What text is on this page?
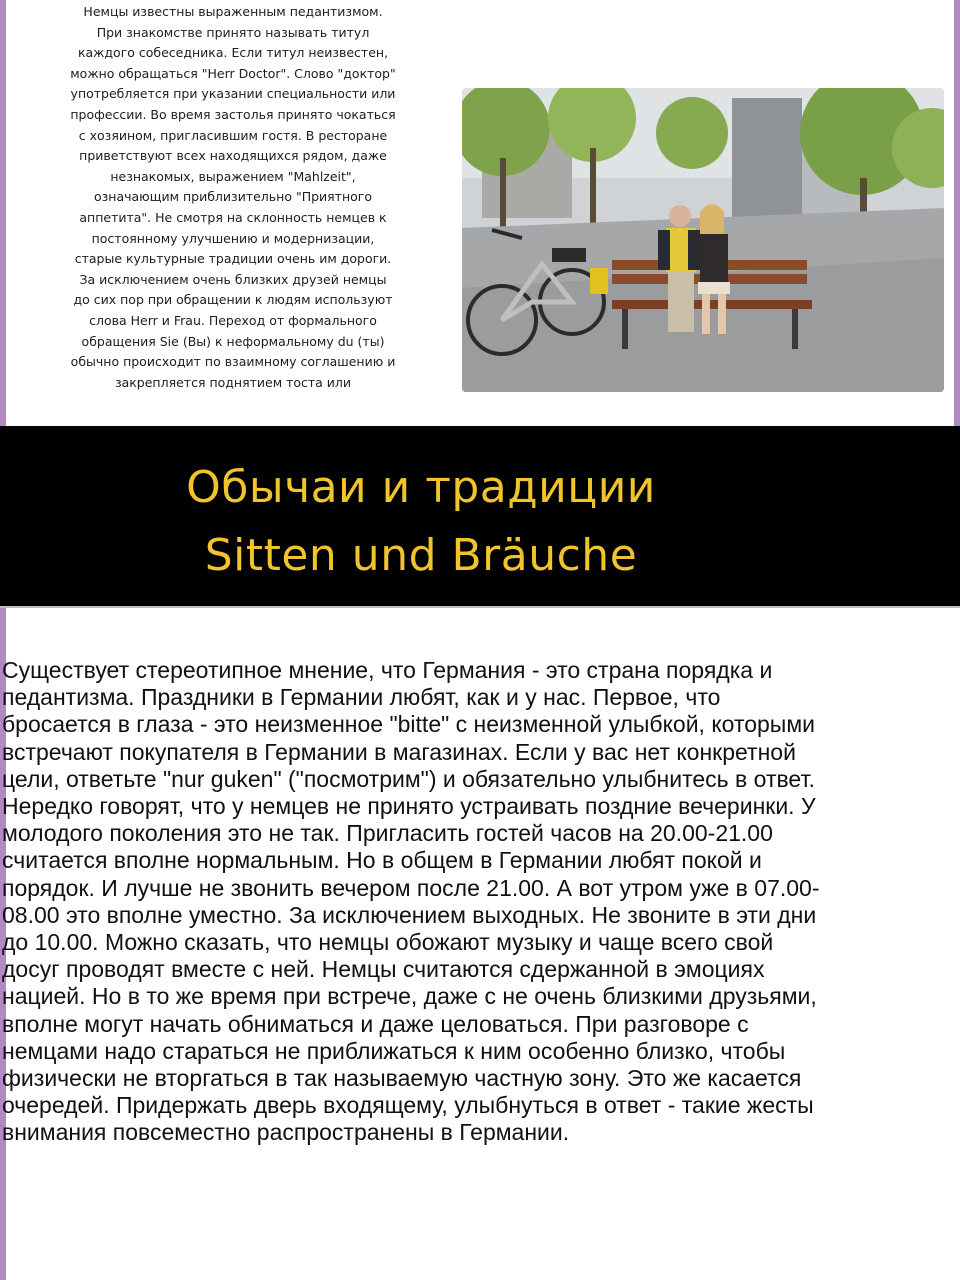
Немцы известны выраженным педантизмом.
При знакомстве принято называть титул
каждого собеседника. Если титул неизвестен,
можно обращаться "Herr Doctor". Слово "доктор"
употребляется при указании специальности или
профессии. Во время застолья принято чокаться
с хозяином, пригласившим гостя. В ресторане
приветствуют всех находящихся рядом, даже
незнакомых, выражением "Mahlzeit",
означающим приблизительно "Приятного
аппетита". Не смотря на склонность немцев к
постоянному улучшению и модернизации,
старые культурные традиции очень им дороги.
За исключением очень близких друзей немцы
до сих пор при обращении к людям используют
слова Herr и Frau. Переход от формального
обращения Sie (Вы) к неформальному du (ты)
обычно происходит по взаимному соглашению и
закрепляется поднятием тоста или
Обычаи и традиции
Sitten und Bräuche
Существует стереотипное мнение, что Германия - это страна порядка и
педантизма. Праздники в Германии любят, как и у нас. Первое, что
бросается в глаза - это неизменное "bitte" с неизменной улыбкой, которыми
встречают покупателя в Германии в магазинах. Если у вас нет конкретной
цели, ответьте "nur guken" ("посмотрим") и обязательно улыбнитесь в ответ.
Нередко говорят, что у немцев не принято устраивать поздние вечеринки. У
молодого поколения это не так. Пригласить гостей часов на 20.00-21.00
считается вполне нормальным. Но в общем в Германии любят покой и
порядок. И лучше не звонить вечером после 21.00. А вот утром уже в 07.00-
08.00 это вполне уместно. За исключением выходных. Не звоните в эти дни
до 10.00. Можно сказать, что немцы обожают музыку и чаще всего свой
досуг проводят вместе с ней. Немцы считаются сдержанной в эмоциях
нацией. Но в то же время при встрече, даже с не очень близкими друзьями,
вполне могут начать обниматься и даже целоваться. При разговоре с
немцами надо стараться не приближаться к ним особенно близко, чтобы
физически не вторгаться в так называемую частную зону. Это же касается
очередей. Придержать дверь входящему, улыбнуться в ответ - такие жесты
внимания повсеместно распространены в Германии.
